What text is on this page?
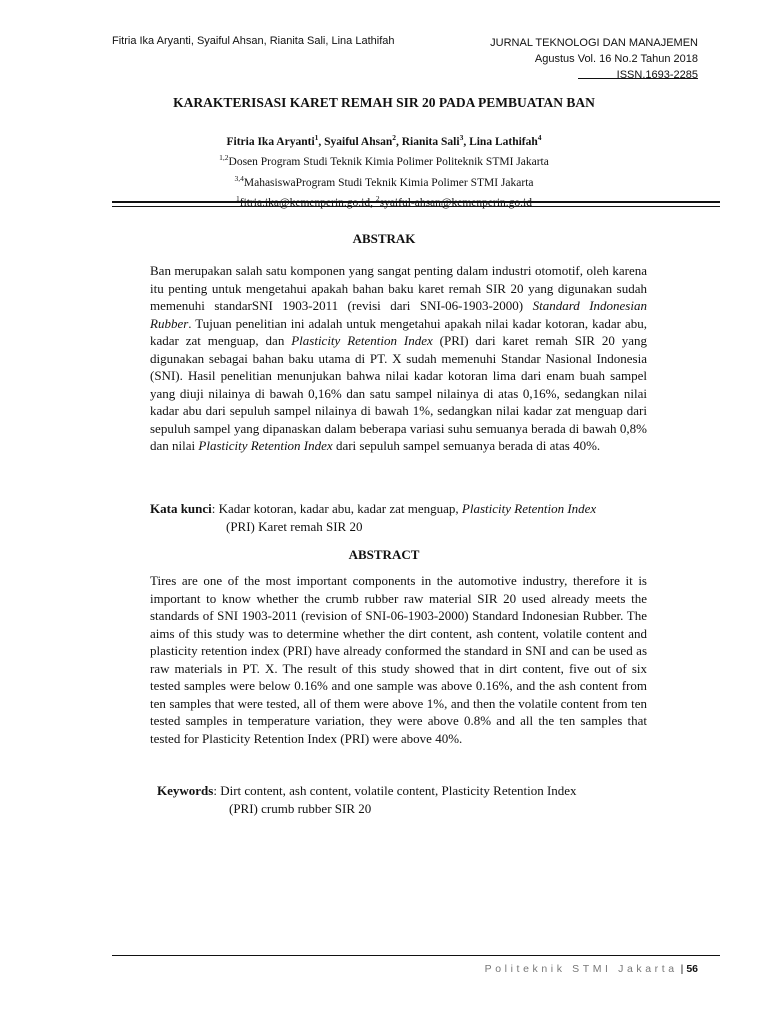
Fitria Ika Aryanti, Syaiful Ahsan, Rianita Sali, Lina Lathifah	JURNAL TEKNOLOGI DAN MANAJEMEN
Agustus Vol. 16 No.2 Tahun 2018
ISSN.1693-2285
KARAKTERISASI KARET REMAH SIR 20 PADA PEMBUATAN BAN
Fitria Ika Aryanti$^1$, Syaiful Ahsan$^2$, Rianita Sali$^3$, Lina Lathifah$^4$
$^{1,2}$Dosen Program Studi Teknik Kimia Polimer Politeknik STMI Jakarta
$^{3,4}$MahasiswaProgram Studi Teknik Kimia Polimer STMI Jakarta
$^1$fitria.ika@kemenperin.go.id, $^2$syaiful-ahsan@kemenperin.go.id
ABSTRAK
Ban merupakan salah satu komponen yang sangat penting dalam industri otomotif, oleh karena itu penting untuk mengetahui apakah bahan baku karet remah SIR 20 yang digunakan sudah memenuhi standarSNI 1903-2011 (revisi dari SNI-06-1903-2000) Standard Indonesian Rubber. Tujuan penelitian ini adalah untuk mengetahui apakah nilai kadar kotoran, kadar abu, kadar zat menguap, dan Plasticity Retention Index (PRI) dari karet remah SIR 20 yang digunakan sebagai bahan baku utama di PT. X sudah memenuhi Standar Nasional Indonesia (SNI). Hasil penelitian menunjukan bahwa nilai kadar kotoran lima dari enam buah sampel yang diuji nilainya di bawah 0,16% dan satu sampel nilainya di atas 0,16%, sedangkan nilai kadar abu dari sepuluh sampel nilainya di bawah 1%, sedangkan nilai kadar zat menguap dari sepuluh sampel yang dipanaskan dalam beberapa variasi suhu semuanya berada di bawah 0,8% dan nilai Plasticity Retention Index dari sepuluh sampel semuanya berada di atas 40%.
Kata kunci: Kadar kotoran, kadar abu, kadar zat menguap, Plasticity Retention Index
(PRI) Karet remah SIR 20
ABSTRACT
Tires are one of the most important components in the automotive industry, therefore it is important to know whether the crumb rubber raw material SIR 20 used already meets the standards of SNI 1903-2011 (revision of SNI-06-1903-2000) Standard Indonesian Rubber. The aims of this study was to determine whether the dirt content, ash content, volatile content and plasticity retention index (PRI) have already conformed the standard in SNI and can be used as raw materials in PT. X. The result of this study showed that in dirt content, five out of six tested samples were below 0.16% and one sample was above 0.16%, and the ash content from ten samples that were tested, all of them were above 1%, and then the volatile content from ten tested samples in temperature variation, they were above 0.8% and all the ten samples that tested for Plasticity Retention Index (PRI) were above 40%.
Keywords: Dirt content, ash content, volatile content, Plasticity Retention Index
(PRI) crumb rubber SIR 20
Politeknik STMI Jakarta | 56
